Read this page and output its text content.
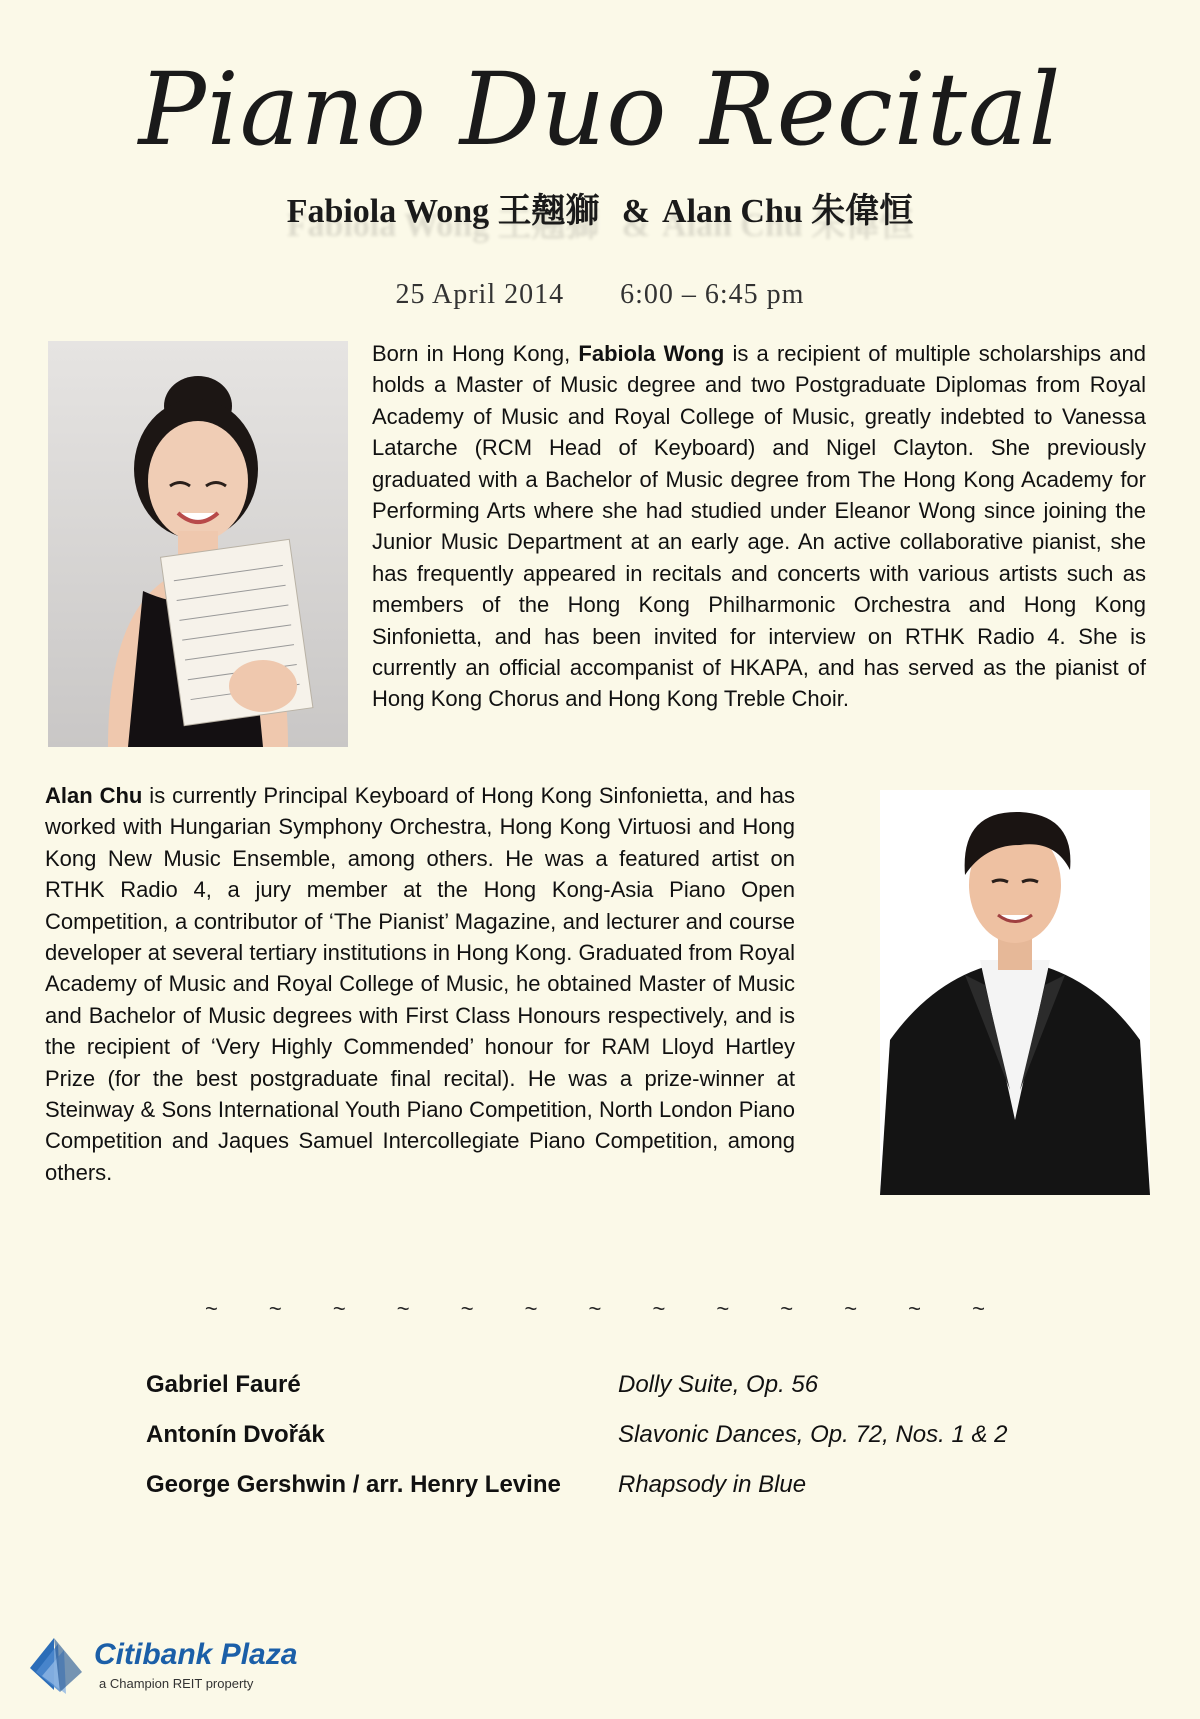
Piano Duo Recital
Fabiola Wong 王翹獅 & Alan Chu 朱偉恒
25 April 2014 6:00 – 6:45 pm
Born in Hong Kong, Fabiola Wong is a recipient of multiple scholarships and holds a Master of Music degree and two Postgraduate Diplomas from Royal Academy of Music and Royal College of Music, greatly indebted to Vanessa Latarche (RCM Head of Keyboard) and Nigel Clayton. She previously graduated with a Bachelor of Music degree from The Hong Kong Academy for Performing Arts where she had studied under Eleanor Wong since joining the Junior Music Department at an early age. An active collaborative pianist, she has frequently appeared in recitals and concerts with various artists such as members of the Hong Kong Philharmonic Orchestra and Hong Kong Sinfonietta, and has been invited for interview on RTHK Radio 4. She is currently an official accompanist of HKAPA, and has served as the pianist of Hong Kong Chorus and Hong Kong Treble Choir.
Alan Chu is currently Principal Keyboard of Hong Kong Sinfonietta, and has worked with Hungarian Symphony Orchestra, Hong Kong Virtuosi and Hong Kong New Music Ensemble, among others. He was a featured artist on RTHK Radio 4, a jury member at the Hong Kong-Asia Piano Open Competition, a contributor of ‘The Pianist’ Magazine, and lecturer and course developer at several tertiary institutions in Hong Kong. Graduated from Royal Academy of Music and Royal College of Music, he obtained Master of Music and Bachelor of Music degrees with First Class Honours respectively, and is the recipient of ‘Very Highly Commended’ honour for RAM Lloyd Hartley Prize (for the best postgraduate final recital). He was a prize-winner at Steinway & Sons International Youth Piano Competition, North London Piano Competition and Jaques Samuel Intercollegiate Piano Competition, among others.
~ ~ ~ ~ ~ ~ ~ ~ ~ ~ ~ ~ ~
Gabriel Fauré	Dolly Suite, Op. 56
Antonín Dvořák	Slavonic Dances, Op. 72, Nos. 1 & 2
George Gershwin / arr. Henry Levine	Rhapsody in Blue
Citibank Plaza
a Champion REIT property
